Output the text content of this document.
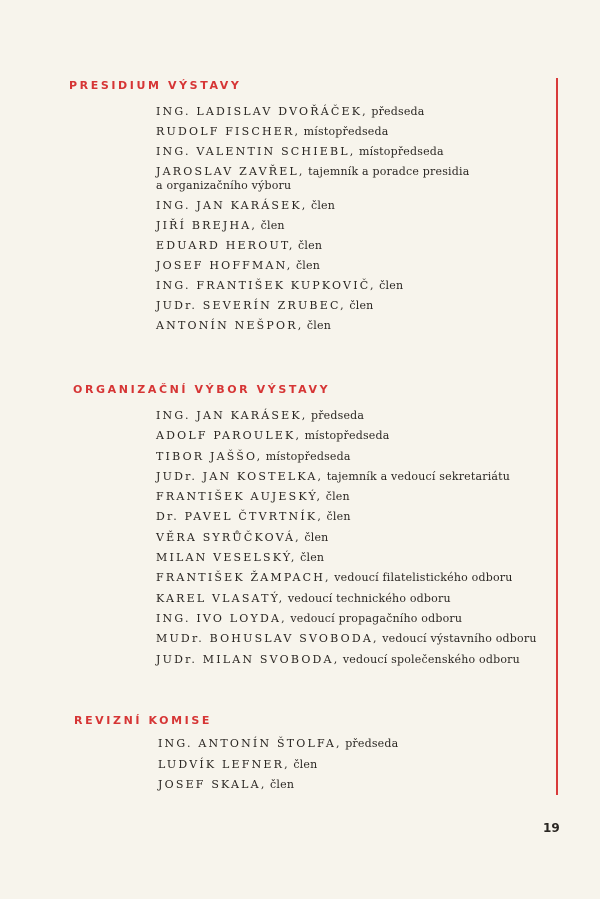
PRESIDIUM VÝSTAVY

ING. LADISLAV DVOŘÁČEK, předseda

RUDOLF FISCHER, místopředseda

ING. VALENTIN SCHIEBL, místopředseda

JAROSLAV ZAVŘEL, tajemník a poradce presidia
a organizačního výboru

ING. JAN KARÁSEK, člen

JIŘÍ BREJHA, člen

EDUARD HEROUT, člen

JOSEF HOFFMAN, člen

ING. FRANTIŠEK KUPKOVIČ, člen

JUDr. SEVERÍN ZRUBEC, člen

ANTONÍN NEŠPOR, člen

ORGANIZAČNÍ VÝBOR VÝSTAVY

ING. JAN KARÁSEK, předseda

ADOLF PAROULEK, místopředseda

TIBOR JAŠŠO, místopředseda

JUDr. JAN KOSTELKA, tajemník a vedoucí sekretariátu

FRANTIŠEK AUJESKÝ, člen

Dr. PAVEL ČTVRTNÍK, člen

VĚRA SYRŮČKOVÁ, člen

MILAN VESELSKÝ, člen

FRANTIŠEK ŽAMPACH, vedoucí filatelistického odboru

KAREL VLASATÝ, vedoucí technického odboru

ING. IVO LOYDA, vedoucí propagačního odboru

MUDr. BOHUSLAV SVOBODA, vedoucí výstavního odboru

JUDr. MILAN SVOBODA, vedoucí společenského odboru

REVIZNÍ KOMISE

ING. ANTONÍN ŠTOLFA, předseda

LUDVÍK LEFNER, člen

JOSEF SKALA, člen

19
